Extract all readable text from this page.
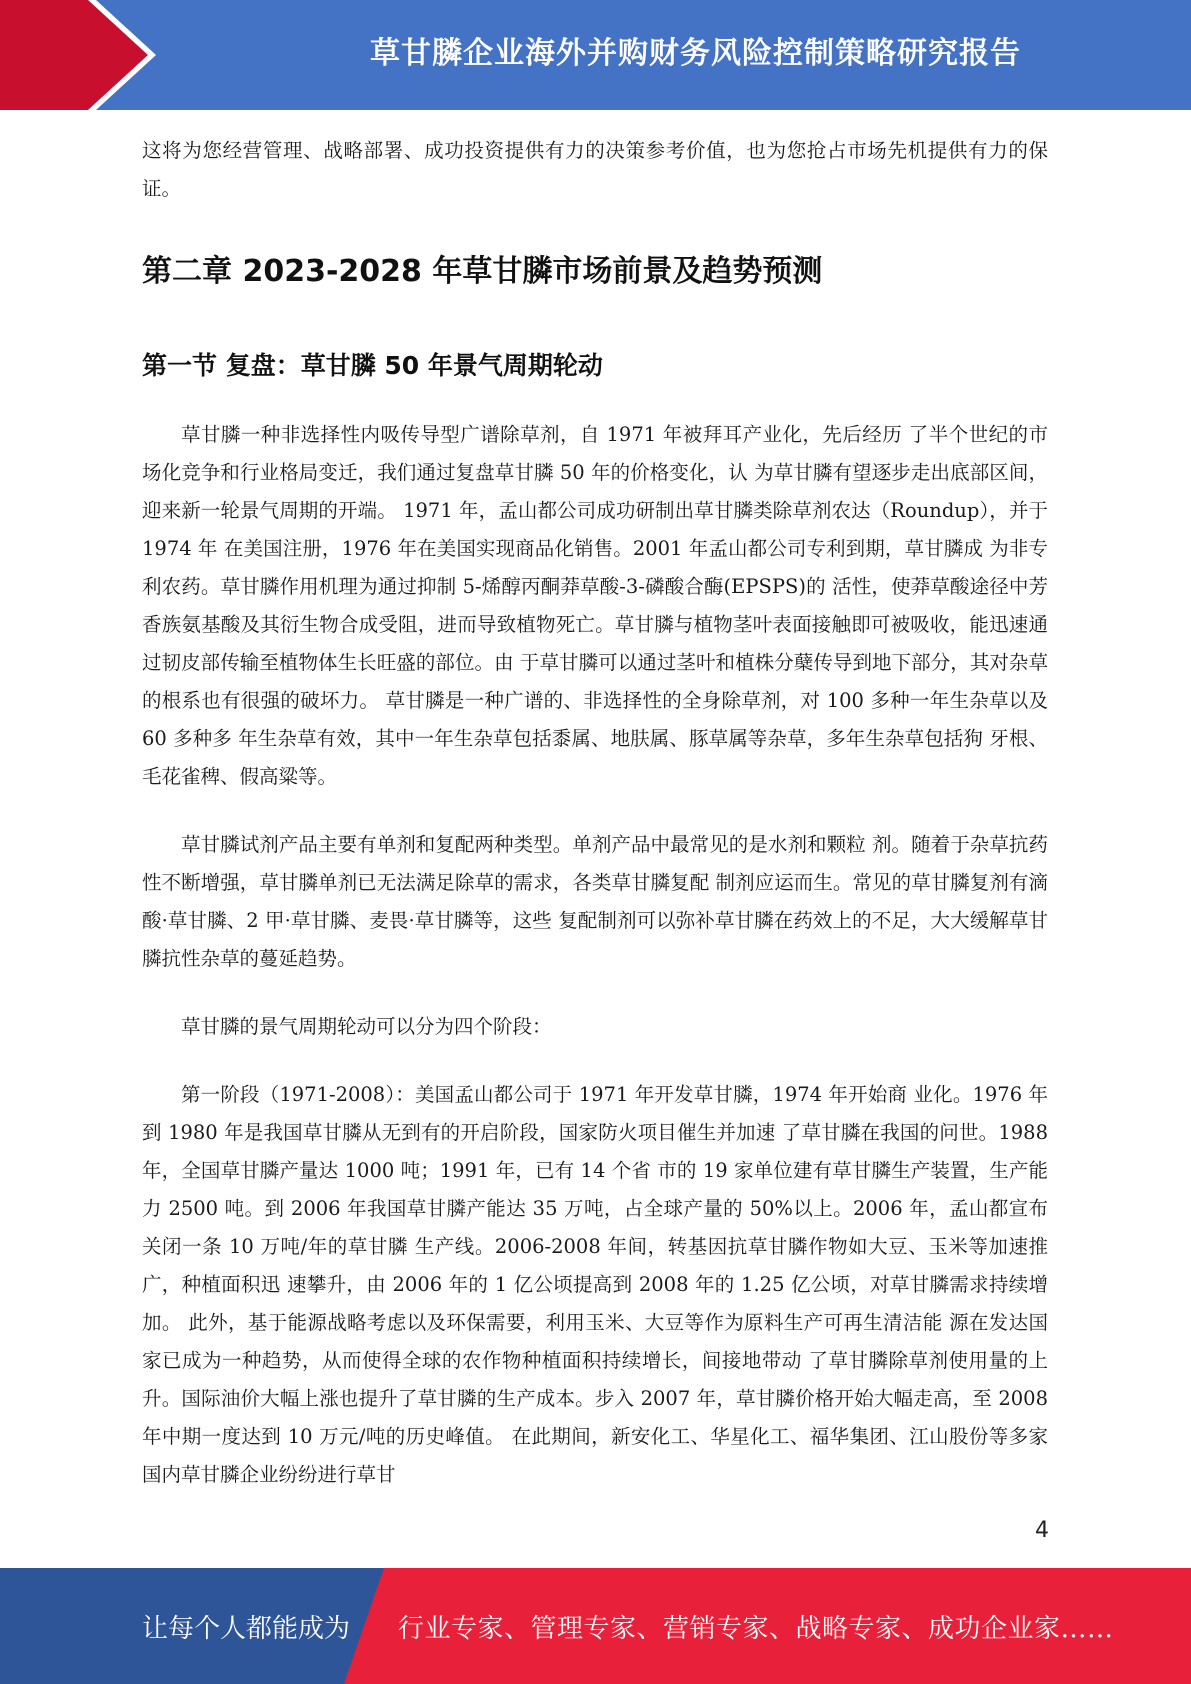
草甘膦企业海外并购财务风险控制策略研究报告

这将为您经营管理、战略部署、成功投资提供有力的决策参考价值，也为您抢占市场先机提供有力的保证。

第二章 2023-2028 年草甘膦市场前景及趋势预测
第一节 复盘：草甘膦 50 年景气周期轮动

草甘膦一种非选择性内吸传导型广谱除草剂，自 1971 年被拜耳产业化，先后经历 了半个世纪的市场化竞争和行业格局变迁，我们通过复盘草甘膦 50 年的价格变化，认 为草甘膦有望逐步走出底部区间，迎来新一轮景气周期的开端。 1971 年，孟山都公司成功研制出草甘膦类除草剂农达（Roundup），并于 1974 年 在美国注册，1976 年在美国实现商品化销售。2001 年孟山都公司专利到期，草甘膦成 为非专利农药。草甘膦作用机理为通过抑制 5-烯醇丙酮莽草酸-3-磷酸合酶(EPSPS)的 活性，使莽草酸途径中芳香族氨基酸及其衍生物合成受阻，进而导致植物死亡。草甘膦与植物茎叶表面接触即可被吸收，能迅速通过韧皮部传输至植物体生长旺盛的部位。由 于草甘膦可以通过茎叶和植株分蘖传导到地下部分，其对杂草的根系也有很强的破坏力。 草甘膦是一种广谱的、非选择性的全身除草剂，对 100 多种一年生杂草以及 60 多种多 年生杂草有效，其中一年生杂草包括黍属、地肤属、豚草属等杂草，多年生杂草包括狗 牙根、毛花雀稗、假高粱等。

草甘膦试剂产品主要有单剂和复配两种类型。单剂产品中最常见的是水剂和颗粒 剂。随着于杂草抗药性不断增强，草甘膦单剂已无法满足除草的需求，各类草甘膦复配 制剂应运而生。常见的草甘膦复剂有滴酸·草甘膦、2 甲·草甘膦、麦畏·草甘膦等，这些 复配制剂可以弥补草甘膦在药效上的不足，大大缓解草甘膦抗性杂草的蔓延趋势。

草甘膦的景气周期轮动可以分为四个阶段：

第一阶段（1971-2008）：美国孟山都公司于 1971 年开发草甘膦，1974 年开始商 业化。1976 年到 1980 年是我国草甘膦从无到有的开启阶段，国家防火项目催生并加速 了草甘膦在我国的问世。1988 年，全国草甘膦产量达 1000 吨；1991 年，已有 14 个省 市的 19 家单位建有草甘膦生产装置，生产能力 2500 吨。到 2006 年我国草甘膦产能达 35 万吨，占全球产量的 50%以上。2006 年，孟山都宣布关闭一条 10 万吨/年的草甘膦 生产线。2006-2008 年间，转基因抗草甘膦作物如大豆、玉米等加速推广，种植面积迅 速攀升，由 2006 年的 1 亿公顷提高到 2008 年的 1.25 亿公顷，对草甘膦需求持续增加。 此外，基于能源战略考虑以及环保需要，利用玉米、大豆等作为原料生产可再生清洁能 源在发达国家已成为一种趋势，从而使得全球的农作物种植面积持续增长，间接地带动 了草甘膦除草剂使用量的上升。国际油价大幅上涨也提升了草甘膦的生产成本。步入 2007 年，草甘膦价格开始大幅走高，至 2008 年中期一度达到 10 万元/吨的历史峰值。 在此期间，新安化工、华星化工、福华集团、江山股份等多家国内草甘膦企业纷纷进行草甘

4
让每个人都能成为 行业专家、管理专家、营销专家、战略专家、成功企业家……
